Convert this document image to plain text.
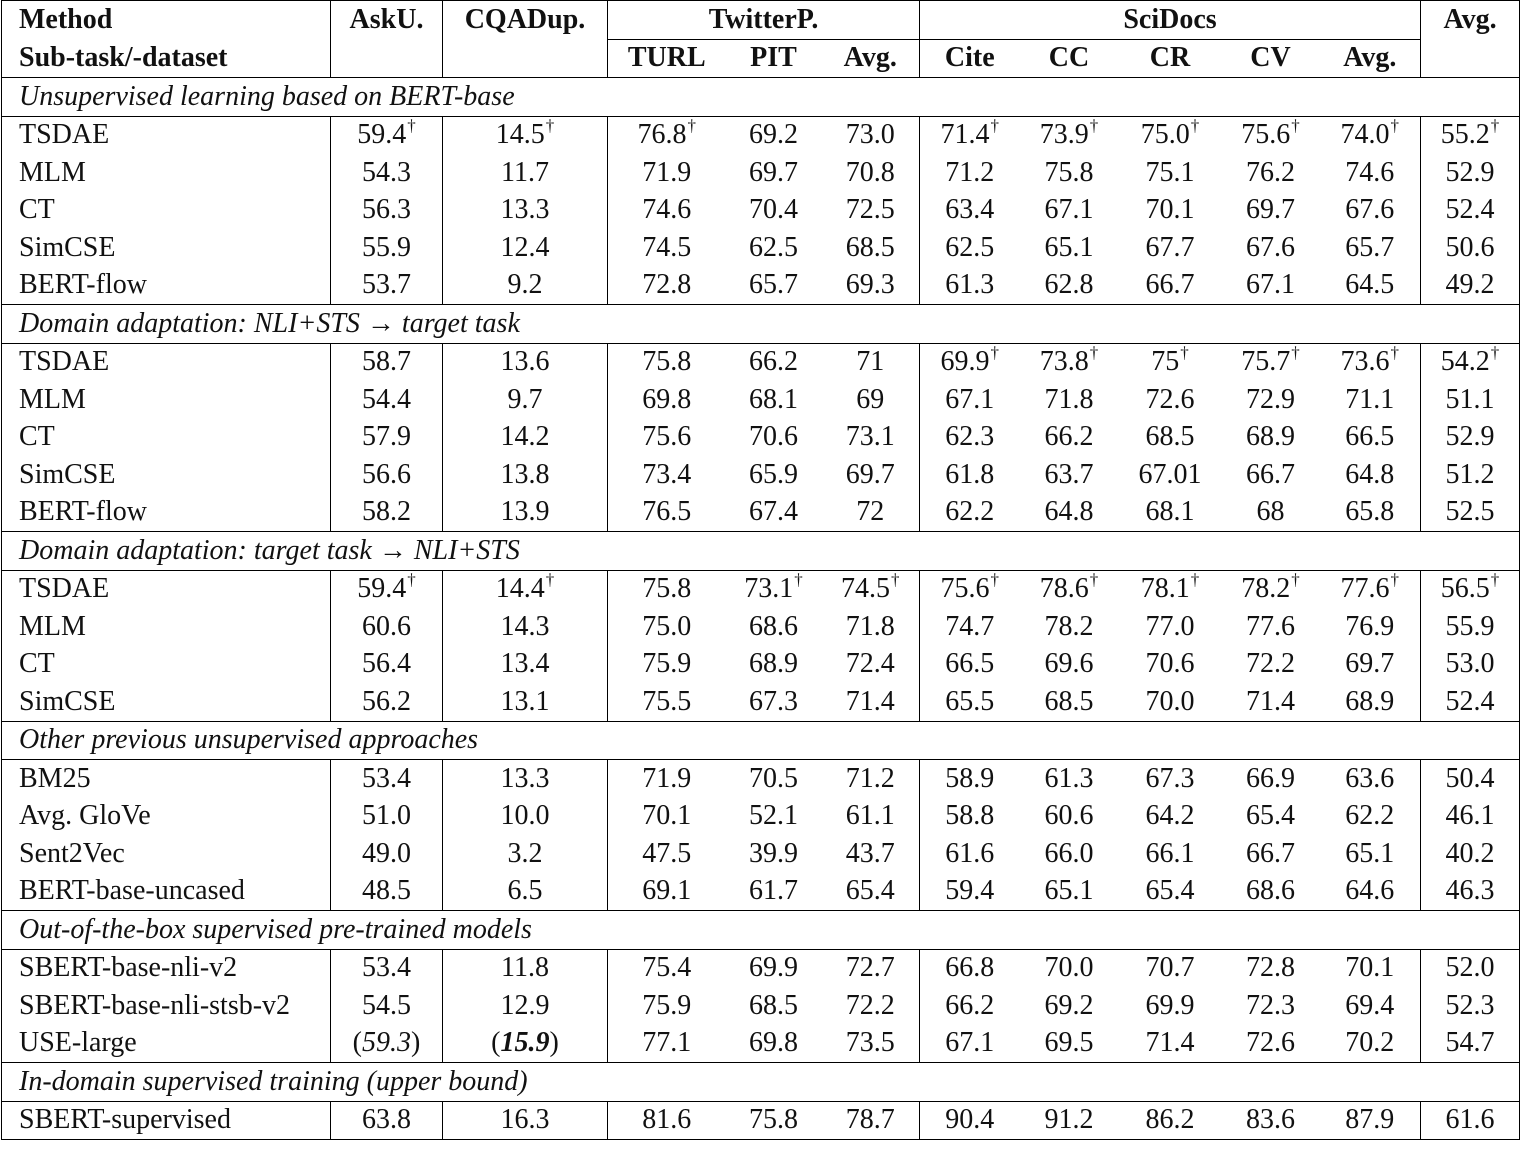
Method	AskU.	CQADup.	TwitterP.			SciDocs					Avg.
Sub-task/-dataset			TURL	PIT	Avg.	Cite	CC	CR	CV	Avg.	
Unsupervised learning based on BERT-base											
TSDAE	59.4†	14.5†	76.8†	69.2	73.0	71.4†	73.9†	75.0†	75.6†	74.0†	55.2†
MLM	54.3	11.7	71.9	69.7	70.8	71.2	75.8	75.1	76.2	74.6	52.9
CT	56.3	13.3	74.6	70.4	72.5	63.4	67.1	70.1	69.7	67.6	52.4
SimCSE	55.9	12.4	74.5	62.5	68.5	62.5	65.1	67.7	67.6	65.7	50.6
BERT-flow	53.7	9.2	72.8	65.7	69.3	61.3	62.8	66.7	67.1	64.5	49.2
Domain adaptation: NLI+STS → target task											
TSDAE	58.7	13.6	75.8	66.2	71	69.9†	73.8†	75†	75.7†	73.6†	54.2†
MLM	54.4	9.7	69.8	68.1	69	67.1	71.8	72.6	72.9	71.1	51.1
CT	57.9	14.2	75.6	70.6	73.1	62.3	66.2	68.5	68.9	66.5	52.9
SimCSE	56.6	13.8	73.4	65.9	69.7	61.8	63.7	67.01	66.7	64.8	51.2
BERT-flow	58.2	13.9	76.5	67.4	72	62.2	64.8	68.1	68	65.8	52.5
Domain adaptation: target task → NLI+STS											
TSDAE	59.4†	14.4†	75.8	73.1†	74.5†	75.6†	78.6†	78.1†	78.2†	77.6†	56.5†
MLM	60.6	14.3	75.0	68.6	71.8	74.7	78.2	77.0	77.6	76.9	55.9
CT	56.4	13.4	75.9	68.9	72.4	66.5	69.6	70.6	72.2	69.7	53.0
SimCSE	56.2	13.1	75.5	67.3	71.4	65.5	68.5	70.0	71.4	68.9	52.4
Other previous unsupervised approaches											
BM25	53.4	13.3	71.9	70.5	71.2	58.9	61.3	67.3	66.9	63.6	50.4
Avg. GloVe	51.0	10.0	70.1	52.1	61.1	58.8	60.6	64.2	65.4	62.2	46.1
Sent2Vec	49.0	3.2	47.5	39.9	43.7	61.6	66.0	66.1	66.7	65.1	40.2
BERT-base-uncased	48.5	6.5	69.1	61.7	65.4	59.4	65.1	65.4	68.6	64.6	46.3
Out-of-the-box supervised pre-trained models											
SBERT-base-nli-v2	53.4	11.8	75.4	69.9	72.7	66.8	70.0	70.7	72.8	70.1	52.0
SBERT-base-nli-stsb-v2	54.5	12.9	75.9	68.5	72.2	66.2	69.2	69.9	72.3	69.4	52.3
USE-large	(59.3)	(15.9)	77.1	69.8	73.5	67.1	69.5	71.4	72.6	70.2	54.7
In-domain supervised training (upper bound)											
SBERT-supervised	63.8	16.3	81.6	75.8	78.7	90.4	91.2	86.2	83.6	87.9	61.6
